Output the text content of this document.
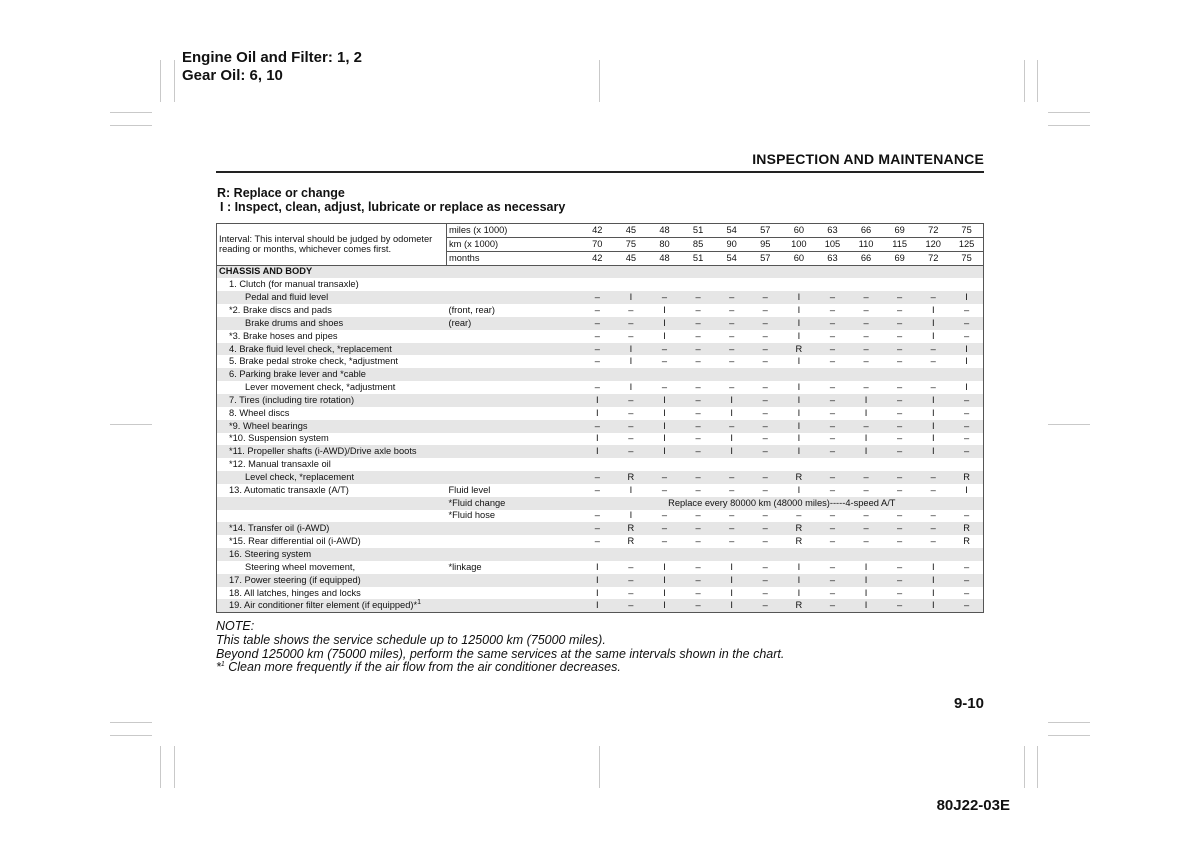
Engine Oil and Filter: 1, 2
Gear Oil: 6, 10
INSPECTION AND MAINTENANCE
R: Replace or change
I : Inspect, clean, adjust, lubricate or replace as necessary
Interval: This interval should be judged by odometer reading or months, whichever comes first.	miles (x 1000)	42	45	48	51	54	57	60	63	66	69	72	75
	km (x 1000)	70	75	80	85	90	95	100	105	110	115	120	125
	months	42	45	48	51	54	57	60	63	66	69	72	75
CHASSIS AND BODY													
1. Clutch (for manual transaxle)													
Pedal and fluid level		–	I	–	–	–	–	I	–	–	–	–	I
*2. Brake discs and pads	(front, rear)	–	–	I	–	–	–	I	–	–	–	I	–
Brake drums and shoes	(rear)	–	–	I	–	–	–	I	–	–	–	I	–
*3. Brake hoses and pipes		–	–	I	–	–	–	I	–	–	–	I	–
4. Brake fluid level check, *replacement		–	I	–	–	–	–	R	–	–	–	–	I
5. Brake pedal stroke check, *adjustment		–	I	–	–	–	–	I	–	–	–	–	I
6. Parking brake lever and *cable													
Lever movement check, *adjustment		–	I	–	–	–	–	I	–	–	–	–	I
7. Tires (including tire rotation)		I	–	I	–	I	–	I	–	I	–	I	–
8. Wheel discs		I	–	I	–	I	–	I	–	I	–	I	–
*9. Wheel bearings		–	–	I	–	–	–	I	–	–	–	I	–
*10. Suspension system		I	–	I	–	I	–	I	–	I	–	I	–
*11. Propeller shafts (i-AWD)/Drive axle boots		I	–	I	–	I	–	I	–	I	–	I	–
*12. Manual transaxle oil													
Level check, *replacement		–	R	–	–	–	–	R	–	–	–	–	R
13. Automatic transaxle (A/T)	Fluid level	–	I	–	–	–	–	I	–	–	–	–	I
	*Fluid change	Replace every 80000 km (48000 miles)-----4-speed A/T											
	*Fluid hose	–	I	–	–	–	–	–	–	–	–	–	–
*14. Transfer oil (i-AWD)		–	R	–	–	–	–	R	–	–	–	–	R
*15. Rear differential oil (i-AWD)		–	R	–	–	–	–	R	–	–	–	–	R
16. Steering system													
Steering wheel movement,	*linkage	I	–	I	–	I	–	I	–	I	–	I	–
17. Power steering (if equipped)		I	–	I	–	I	–	I	–	I	–	I	–
18. All latches, hinges and locks		I	–	I	–	I	–	I	–	I	–	I	–
19. Air conditioner filter element (if equipped)*$^1$		I	–	I	–	I	–	R	–	I	–	I	–
NOTE:
This table shows the service schedule up to 125000 km (75000 miles).
Beyond 125000 km (75000 miles), perform the same services at the same intervals shown in the chart.
*$^1$ Clean more frequently if the air flow from the air conditioner decreases.
9-10
80J22-03E
